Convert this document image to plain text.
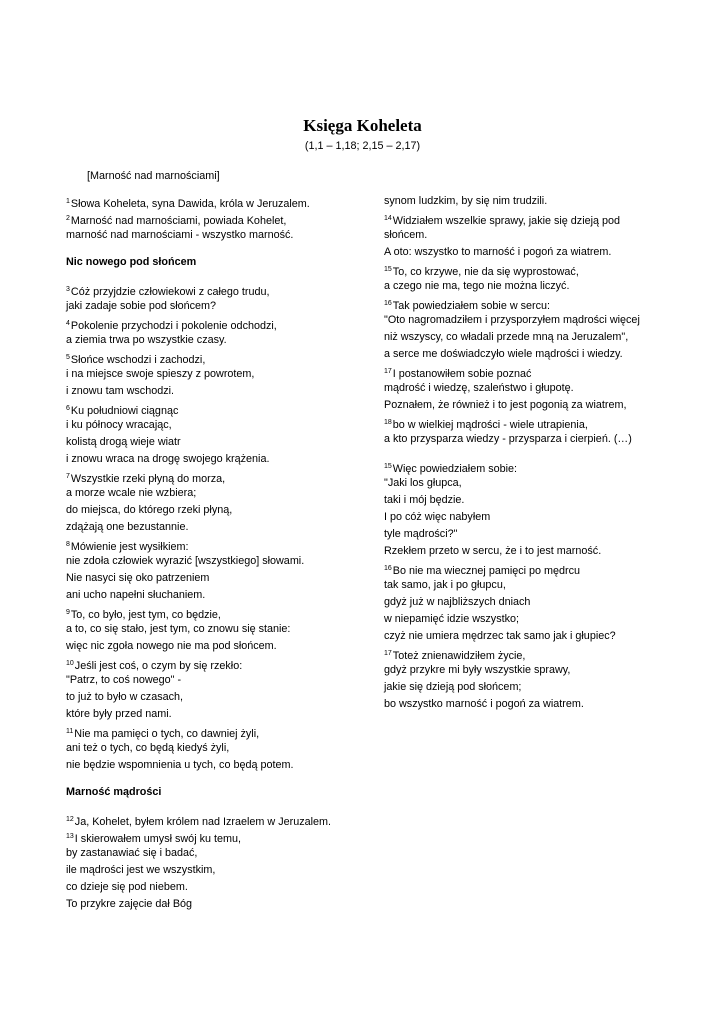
Księga Koheleta
(1,1 – 1,18; 2,15 – 2,17)
[Marność nad marnościami]
$^1$Słowa Koheleta, syna Dawida, króla w Jeruzalem.
$^2$Marność nad marnościami, powiada Kohelet,
marność nad marnościami - wszystko marność.
Nic nowego pod słońcem
$^3$Cóż przyjdzie człowiekowi z całego trudu,
jaki zadaje sobie pod słońcem?
$^4$Pokolenie przychodzi i pokolenie odchodzi,
a ziemia trwa po wszystkie czasy.
$^5$Słońce wschodzi i zachodzi,
i na miejsce swoje spieszy z powrotem,
i znowu tam wschodzi.
$^6$Ku południowi ciągnąc
i ku północy wracając,
kolistą drogą wieje wiatr
i znowu wraca na drogę swojego krążenia.
$^7$Wszystkie rzeki płyną do morza,
a morze wcale nie wzbiera;
do miejsca, do którego rzeki płyną,
zdążają one bezustannie.
$^8$Mówienie jest wysiłkiem:
nie zdoła człowiek wyrazić [wszystkiego] słowami.
Nie nasyci się oko patrzeniem
ani ucho napełni słuchaniem.
$^9$To, co było, jest tym, co będzie,
a to, co się stało, jest tym, co znowu się stanie:
więc nic zgoła nowego nie ma pod słońcem.
$^{10}$Jeśli jest coś, o czym by się rzekło:
"Patrz, to coś nowego" -
to już to było w czasach,
które były przed nami.
$^{11}$Nie ma pamięci o tych, co dawniej żyli,
ani też o tych, co będą kiedyś żyli,
nie będzie wspomnienia u tych, co będą potem.
Marność mądrości
$^{12}$Ja, Kohelet, byłem królem nad Izraelem w Jeruzalem.
$^{13}$I skierowałem umysł swój ku temu,
by zastanawiać się i badać,
ile mądrości jest we wszystkim,
co dzieje się pod niebem.
To przykre zajęcie dał Bóg
synom ludzkim, by się nim trudzili.
$^{14}$Widziałem wszelkie sprawy, jakie się dzieją pod
słońcem.
A oto: wszystko to marność i pogoń za wiatrem.
$^{15}$To, co krzywe, nie da się wyprostować,
a czego nie ma, tego nie można liczyć.
$^{16}$Tak powiedziałem sobie w sercu:
"Oto nagromadziłem i przysporzyłem mądrości więcej
niż wszyscy, co władali przede mną na Jeruzalem",
a serce me doświadczyło wiele mądrości i wiedzy.
$^{17}$I postanowiłem sobie poznać
mądrość i wiedzę, szaleństwo i głupotę.
Poznałem, że również i to jest pogonią za wiatrem,
$^{18}$bo w wielkiej mądrości - wiele utrapienia,
a kto przysparza wiedzy - przysparza i cierpień. (…)
$^{15}$Więc powiedziałem sobie:
"Jaki los głupca,
taki i mój będzie.
I po cóż więc nabyłem
tyle mądrości?"
Rzekłem przeto w sercu, że i to jest marność.
$^{16}$Bo nie ma wiecznej pamięci po mędrcu
tak samo, jak i po głupcu,
gdyż już w najbliższych dniach
w niepamięć idzie wszystko;
czyż nie umiera mędrzec tak samo jak i głupiec?
$^{17}$Toteż znienawidziłem życie,
gdyż przykre mi były wszystkie sprawy,
jakie się dzieją pod słońcem;
bo wszystko marność i pogoń za wiatrem.
